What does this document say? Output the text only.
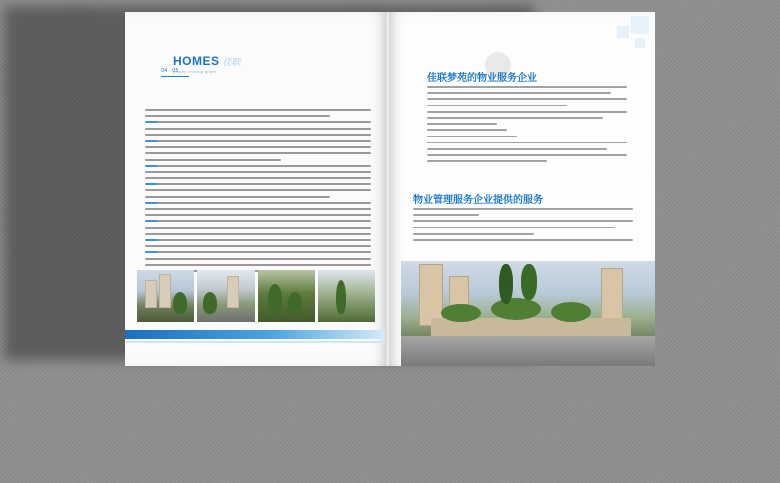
HOMES 佳联
pinghe chrxing graph
04 · 05
佳联梦苑的物业服务企业
物业管理服务企业提供的服务
